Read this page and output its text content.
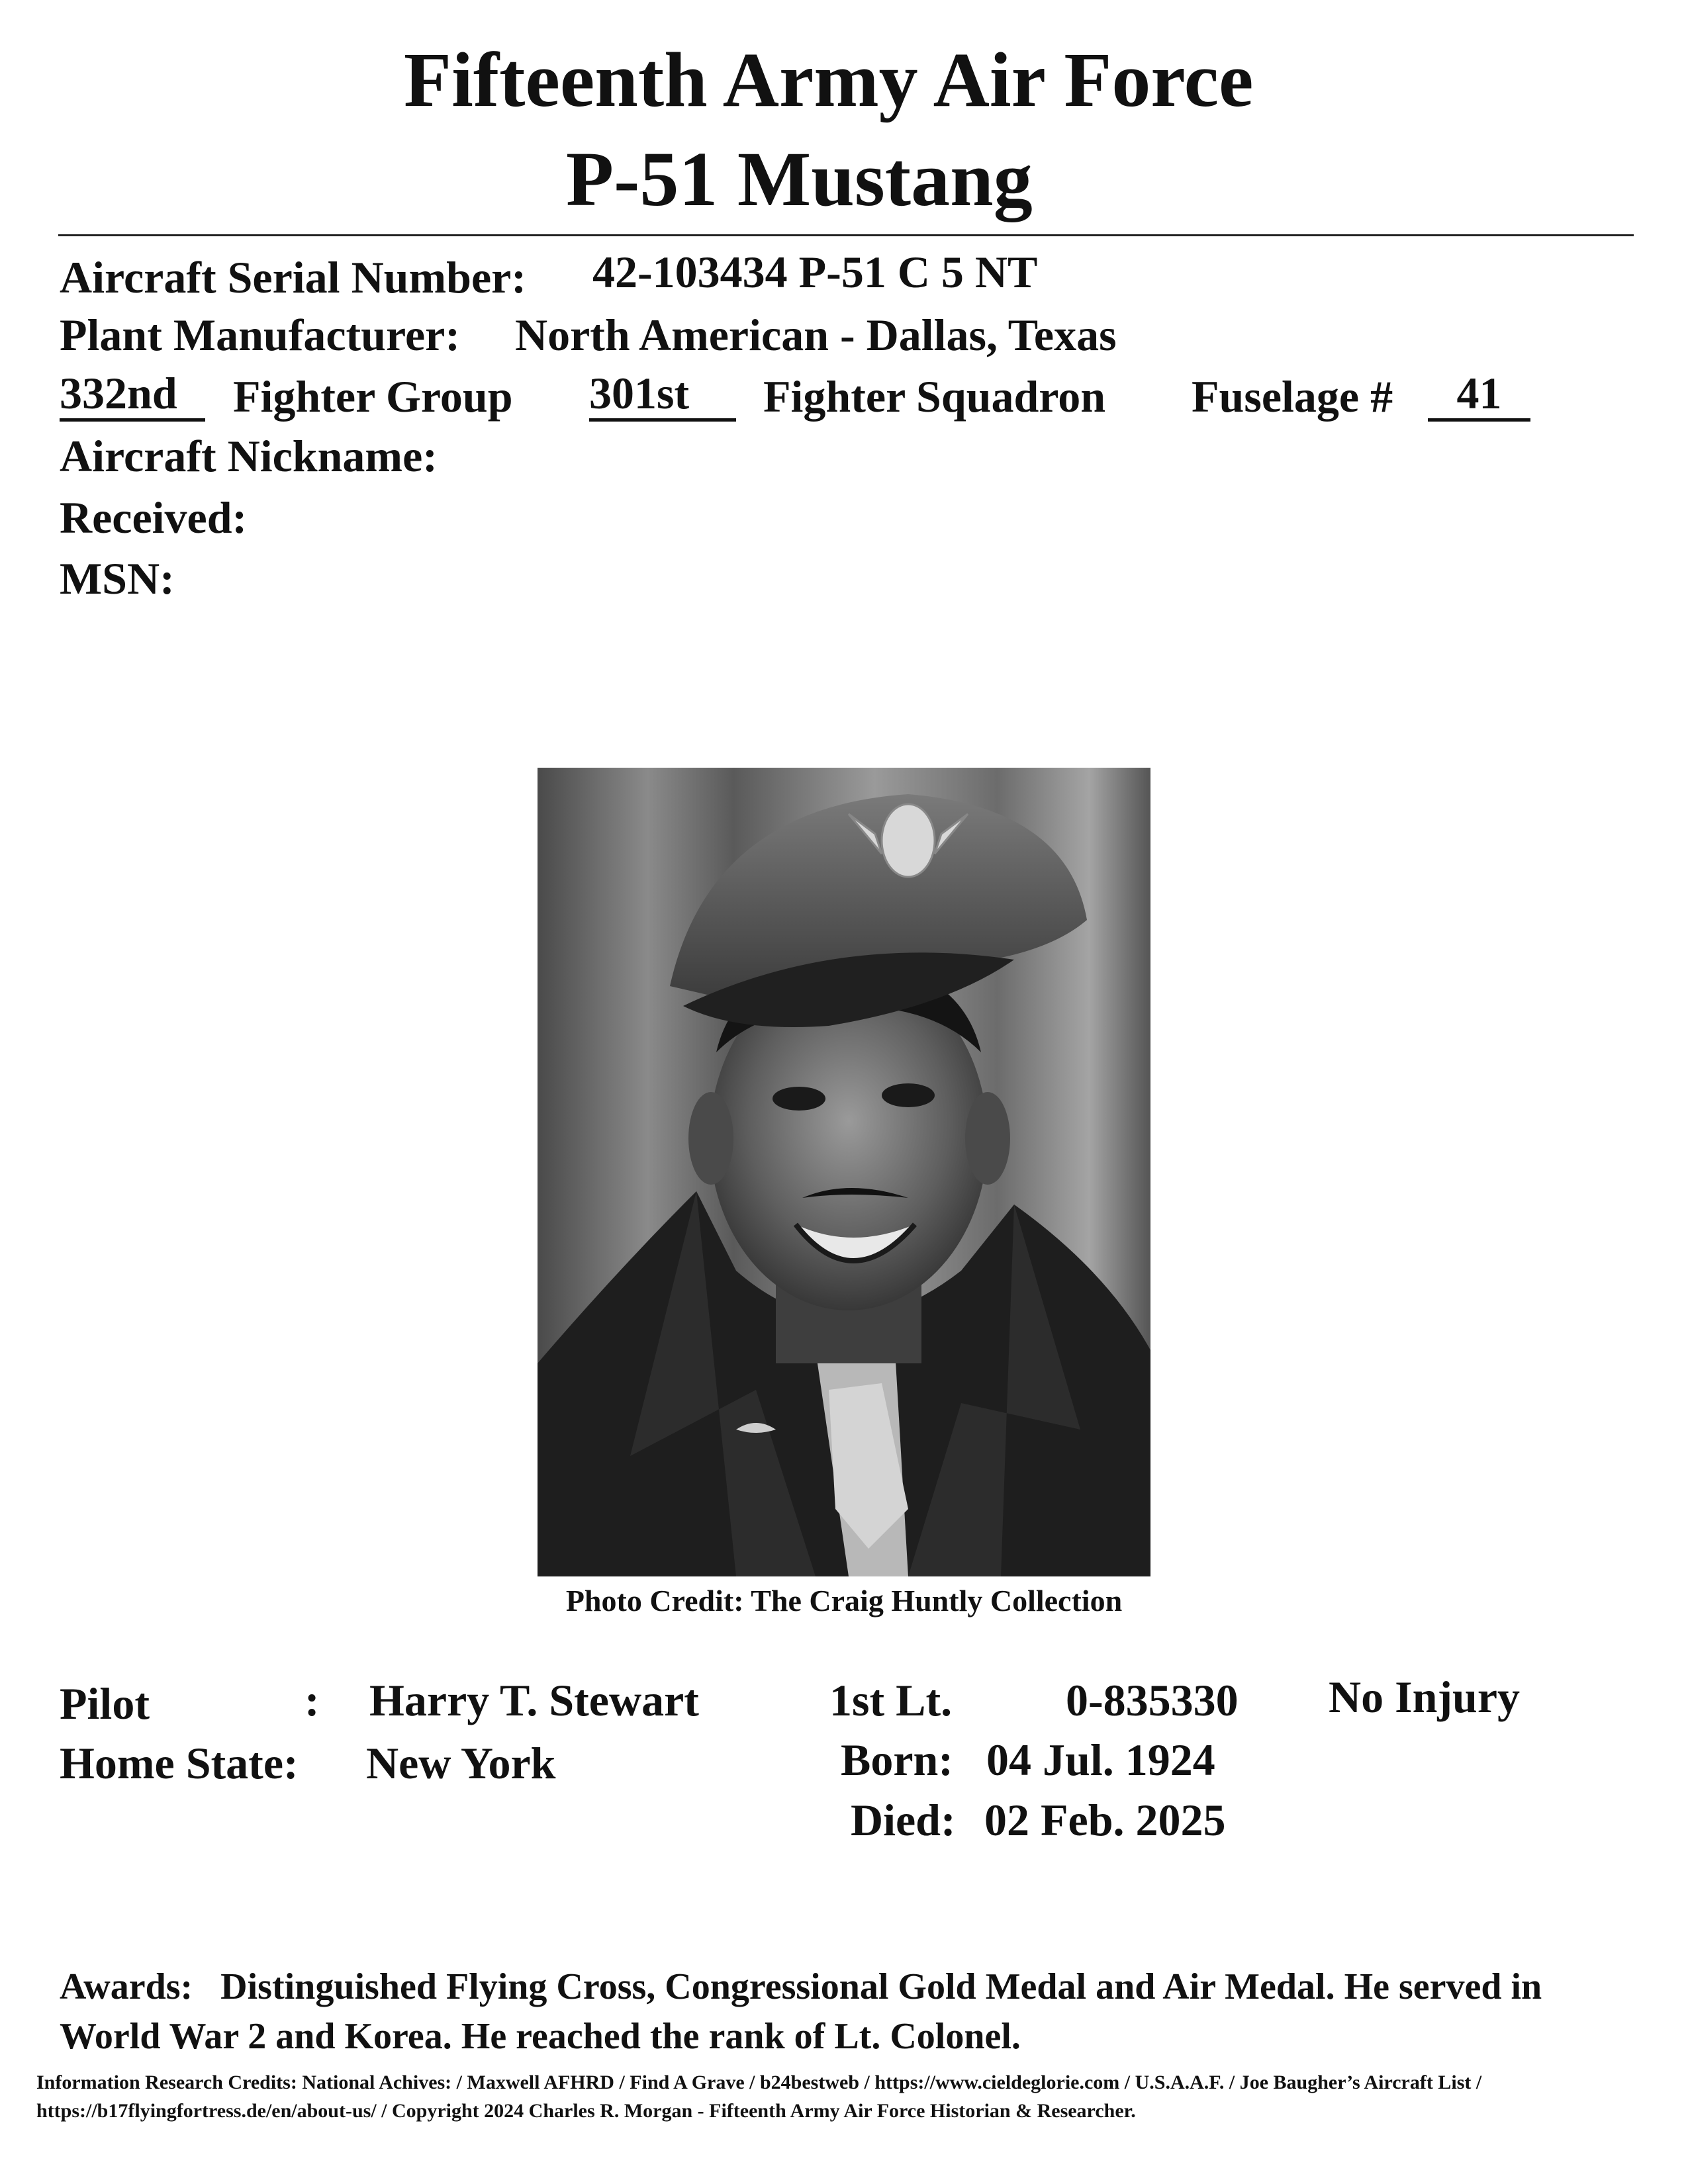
Fifteenth Army Air Force
P-51 Mustang
Aircraft Serial Number: 42-103434 P-51 C 5 NT
Plant Manufacturer: North American - Dallas, Texas
332nd	Fighter Group 301st	Fighter Squadron Fuselage #	41
Aircraft Nickname:
Received:
MSN:
Photo Credit: The Craig Huntly Collection
Pilot	: Harry T. Stewart	1st Lt.	0-835330 No Injury
Home State: New York	Born: 04 Jul. 1924
Died: 02 Feb. 2025
Awards: Distinguished Flying Cross, Congressional Gold Medal and Air Medal. He served in
World War 2 and Korea. He reached the rank of Lt. Colonel.
Information Research Credits: National Achives: / Maxwell AFHRD / Find A Grave / b24bestweb / https://www.cieldeglorie.com / U.S.A.A.F. / Joe Baugher’s Aircraft List /
https://b17flyingfortress.de/en/about-us/ / Copyright 2024 Charles R. Morgan - Fifteenth Army Air Force Historian & Researcher.
